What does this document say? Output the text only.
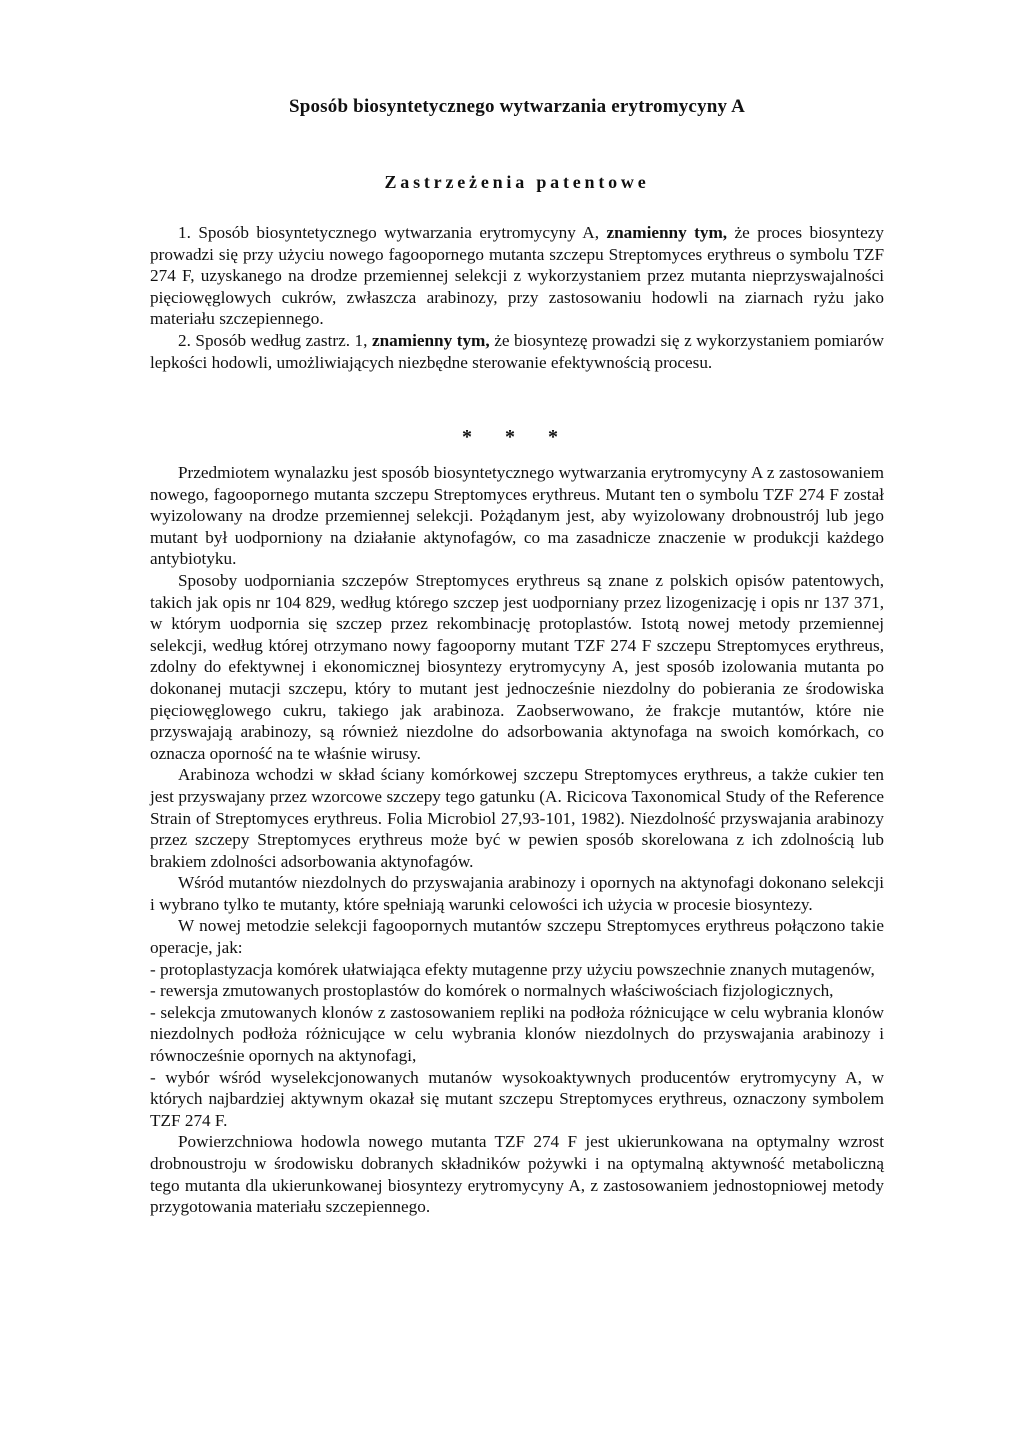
Sposób biosyntetycznego wytwarzania erytromycyny A
Zastrzeżenia patentowe

1. Sposób biosyntetycznego wytwarzania erytromycyny A, znamienny tym, że proces biosyntezy prowadzi się przy użyciu nowego fagoopornego mutanta szczepu Streptomyces erythreus o symbolu TZF 274 F, uzyskanego na drodze przemiennej selekcji z wykorzystaniem przez mutanta nieprzyswajalności pięciowęglowych cukrów, zwłaszcza arabinozy, przy zastosowaniu hodowli na ziarnach ryżu jako materiału szczepiennego.

2. Sposób według zastrz. 1, znamienny tym, że biosyntezę prowadzi się z wykorzystaniem pomiarów lepkości hodowli, umożliwiających niezbędne sterowanie efektywnością procesu.

* * *

Przedmiotem wynalazku jest sposób biosyntetycznego wytwarzania erytromycyny A z zastosowaniem nowego, fagoopornego mutanta szczepu Streptomyces erythreus. Mutant ten o symbolu TZF 274 F został wyizolowany na drodze przemiennej selekcji. Pożądanym jest, aby wyizolowany drobnoustrój lub jego mutant był uodporniony na działanie aktynofagów, co ma zasadnicze znaczenie w produkcji każdego antybiotyku.

Sposoby uodporniania szczepów Streptomyces erythreus są znane z polskich opisów patentowych, takich jak opis nr 104 829, według którego szczep jest uodporniany przez lizogenizację i opis nr 137 371, w którym uodpornia się szczep przez rekombinację protoplastów. Istotą nowej metody przemiennej selekcji, według której otrzymano nowy fagooporny mutant TZF 274 F szczepu Streptomyces erythreus, zdolny do efektywnej i ekonomicznej biosyntezy erytromycyny A, jest sposób izolowania mutanta po dokonanej mutacji szczepu, który to mutant jest jednocześnie niezdolny do pobierania ze środowiska pięciowęglowego cukru, takiego jak arabinoza. Zaobserwowano, że frakcje mutantów, które nie przyswajają arabinozy, są również niezdolne do adsorbowania aktynofaga na swoich komórkach, co oznacza oporność na te właśnie wirusy.

Arabinoza wchodzi w skład ściany komórkowej szczepu Streptomyces erythreus, a także cukier ten jest przyswajany przez wzorcowe szczepy tego gatunku (A. Ricicova Taxonomical Study of the Reference Strain of Streptomyces erythreus. Folia Microbiol 27,93-101, 1982). Niezdolność przyswajania arabinozy przez szczepy Streptomyces erythreus może być w pewien sposób skorelowana z ich zdolnością lub brakiem zdolności adsorbowania aktynofagów.

Wśród mutantów niezdolnych do przyswajania arabinozy i opornych na aktynofagi dokonano selekcji i wybrano tylko te mutanty, które spełniają warunki celowości ich użycia w procesie biosyntezy.

W nowej metodzie selekcji fagoopornych mutantów szczepu Streptomyces erythreus połączono takie operacje, jak:

- protoplastyzacja komórek ułatwiająca efekty mutagenne przy użyciu powszechnie znanych mutagenów,

- rewersja zmutowanych prostoplastów do komórek o normalnych właściwościach fizjologicznych,

- selekcja zmutowanych klonów z zastosowaniem repliki na podłoża różnicujące w celu wybrania klonów niezdolnych podłoża różnicujące w celu wybrania klonów niezdolnych do przyswajania arabinozy i równocześnie opornych na aktynofagi,

- wybór wśród wyselekcjonowanych mutanów wysokoaktywnych producentów erytromycyny A, w których najbardziej aktywnym okazał się mutant szczepu Streptomyces erythreus, oznaczony symbolem TZF 274 F.

Powierzchniowa hodowla nowego mutanta TZF 274 F jest ukierunkowana na optymalny wzrost drobnoustroju w środowisku dobranych składników pożywki i na optymalną aktywność metaboliczną tego mutanta dla ukierunkowanej biosyntezy erytromycyny A, z zastosowaniem jednostopniowej metody przygotowania materiału szczepiennego.
